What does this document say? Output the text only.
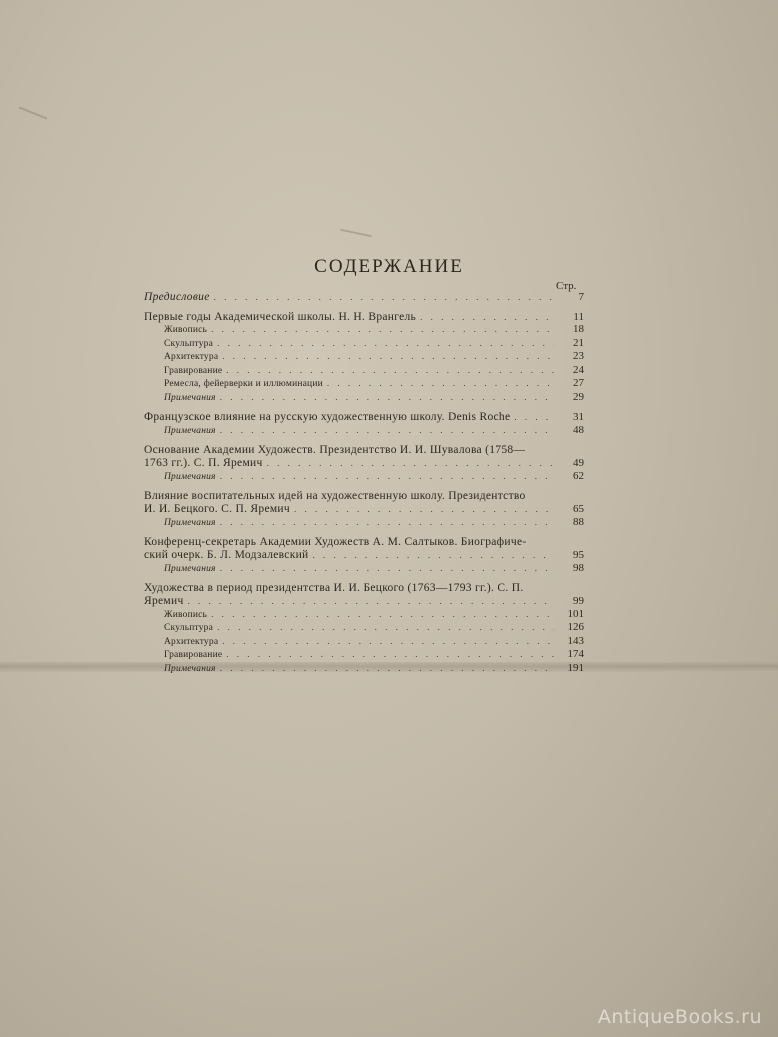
СОДЕРЖАНИЕ
Стр.
Предисловие . . .	7
Первые годы Академической школы. Н. Н. Врангель . . .	11
Живопись . . .	18
Скульптура . . .	21
Архитектура . . .	23
Гравирование . . .	24
Ремесла, фейерверки и иллюминации . . .	27
Примечания . . .	29
Французское влияние на русскую художественную школу. Denis Roche . . .	31
Примечания . . .	48
Основание Академии Художеств. Президентство И. И. Шувалова (1758—
1763 гг.). С. П. Яремич . . .	49
Примечания . . .	62
Влияние воспитательных идей на художественную школу. Президентство
И. И. Бецкого. С. П. Яремич . . .	65
Примечания . . .	88
Конференц-секретарь Академии Художеств А. М. Салтыков. Биографиче-
ский очерк. Б. Л. Модзалевский . . .	95
Примечания . . .	98
Художества в период президентства И. И. Бецкого (1763—1793 гг.). С. П.
Яремич . . .	99
Живопись . . .	101
Скульптура . . .	126
Архитектура . . .	143
Гравирование . . .	174
Примечания . . .	191
AntiqueBooks.ru
